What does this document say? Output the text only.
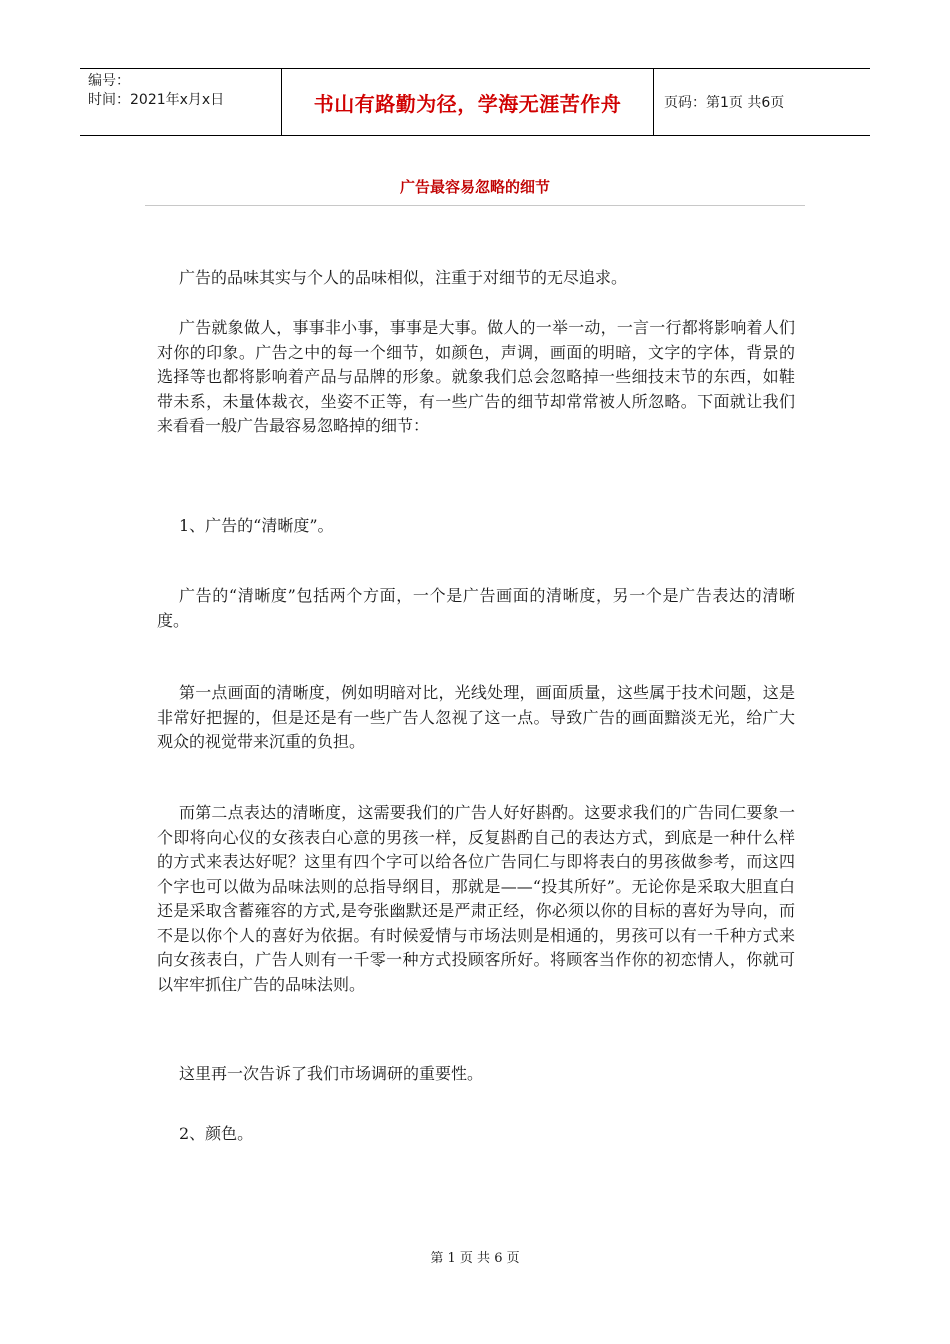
编号：
时间：2021年x月x日	书山有路勤为径，学海无涯苦作舟	页码：第1页 共6页
广告最容易忽略的细节

广告的品味其实与个人的品味相似，注重于对细节的无尽追求。

广告就象做人，事事非小事，事事是大事。做人的一举一动，一言一行都将影响着人们对你的印象。广告之中的每一个细节，如颜色，声调，画面的明暗，文字的字体，背景的选择等也都将影响着产品与品牌的形象。就象我们总会忽略掉一些细技末节的东西，如鞋带未系，未量体裁衣，坐姿不正等，有一些广告的细节却常常被人所忽略。下面就让我们来看看一般广告最容易忽略掉的细节：

1、广告的“清晰度”。

广告的“清晰度”包括两个方面，一个是广告画面的清晰度，另一个是广告表达的清晰度。

第一点画面的清晰度，例如明暗对比，光线处理，画面质量，这些属于技术问题，这是非常好把握的，但是还是有一些广告人忽视了这一点。导致广告的画面黯淡无光，给广大观众的视觉带来沉重的负担。

而第二点表达的清晰度，这需要我们的广告人好好斟酌。这要求我们的广告同仁要象一个即将向心仪的女孩表白心意的男孩一样，反复斟酌自己的表达方式，到底是一种什么样的方式来表达好呢？这里有四个字可以给各位广告同仁与即将表白的男孩做参考，而这四个字也可以做为品味法则的总指导纲目，那就是——“投其所好”。无论你是采取大胆直白还是采取含蓄雍容的方式,是夸张幽默还是严肃正经，你必须以你的目标的喜好为导向，而不是以你个人的喜好为依据。有时候爱情与市场法则是相通的，男孩可以有一千种方式来向女孩表白，广告人则有一千零一种方式投顾客所好。将顾客当作你的初恋情人，你就可以牢牢抓住广告的品味法则。

这里再一次告诉了我们市场调研的重要性。

2、颜色。

第 1 页 共 6 页
